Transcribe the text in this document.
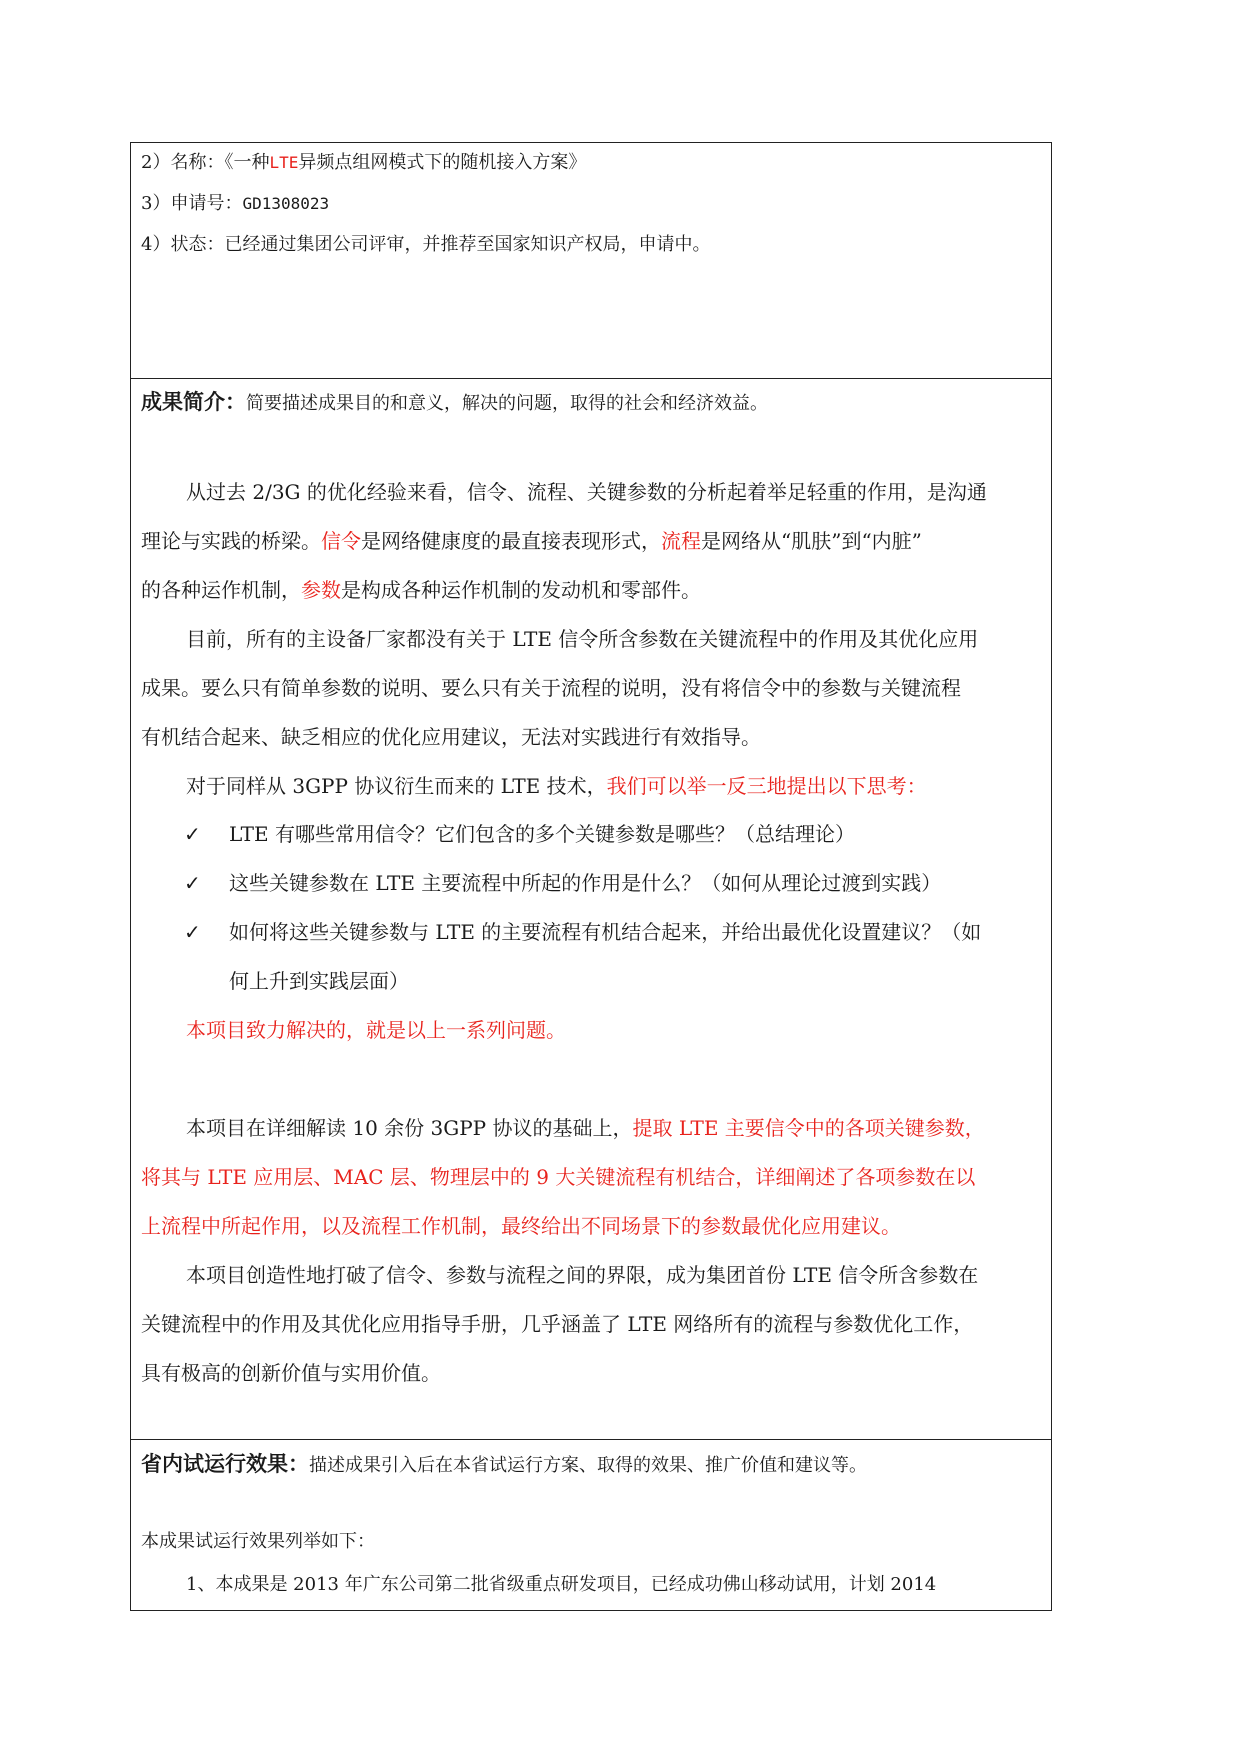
2）名称：《一种LTE异频点组网模式下的随机接入方案》
3）申请号：GD1308023
4）状态：已经通过集团公司评审，并推荐至国家知识产权局，申请中。
成果简介：简要描述成果目的和意义，解决的问题，取得的社会和经济效益。
从过去 2/3G 的优化经验来看，信令、流程、关键参数的分析起着举足轻重的作用，是沟通
理论与实践的桥梁。信令是网络健康度的最直接表现形式，流程是网络从“肌肤”到“内脏”
的各种运作机制，参数是构成各种运作机制的发动机和零部件。
目前，所有的主设备厂家都没有关于 LTE 信令所含参数在关键流程中的作用及其优化应用
成果。要么只有简单参数的说明、要么只有关于流程的说明，没有将信令中的参数与关键流程
有机结合起来、缺乏相应的优化应用建议，无法对实践进行有效指导。
对于同样从 3GPP 协议衍生而来的 LTE 技术，我们可以举一反三地提出以下思考：
✓ LTE 有哪些常用信令？它们包含的多个关键参数是哪些？（总结理论）
✓ 这些关键参数在 LTE 主要流程中所起的作用是什么？（如何从理论过渡到实践）
✓ 如何将这些关键参数与 LTE 的主要流程有机结合起来，并给出最优化设置建议？（如
何上升到实践层面）
本项目致力解决的，就是以上一系列问题。
本项目在详细解读 10 余份 3GPP 协议的基础上，提取 LTE 主要信令中的各项关键参数，
将其与 LTE 应用层、MAC 层、物理层中的 9 大关键流程有机结合，详细阐述了各项参数在以
上流程中所起作用，以及流程工作机制，最终给出不同场景下的参数最优化应用建议。
本项目创造性地打破了信令、参数与流程之间的界限，成为集团首份 LTE 信令所含参数在
关键流程中的作用及其优化应用指导手册，几乎涵盖了 LTE 网络所有的流程与参数优化工作，
具有极高的创新价值与实用价值。
省内试运行效果：描述成果引入后在本省试运行方案、取得的效果、推广价值和建议等。
本成果试运行效果列举如下：
1、本成果是 2013 年广东公司第二批省级重点研发项目，已经成功佛山移动试用，计划 2014
